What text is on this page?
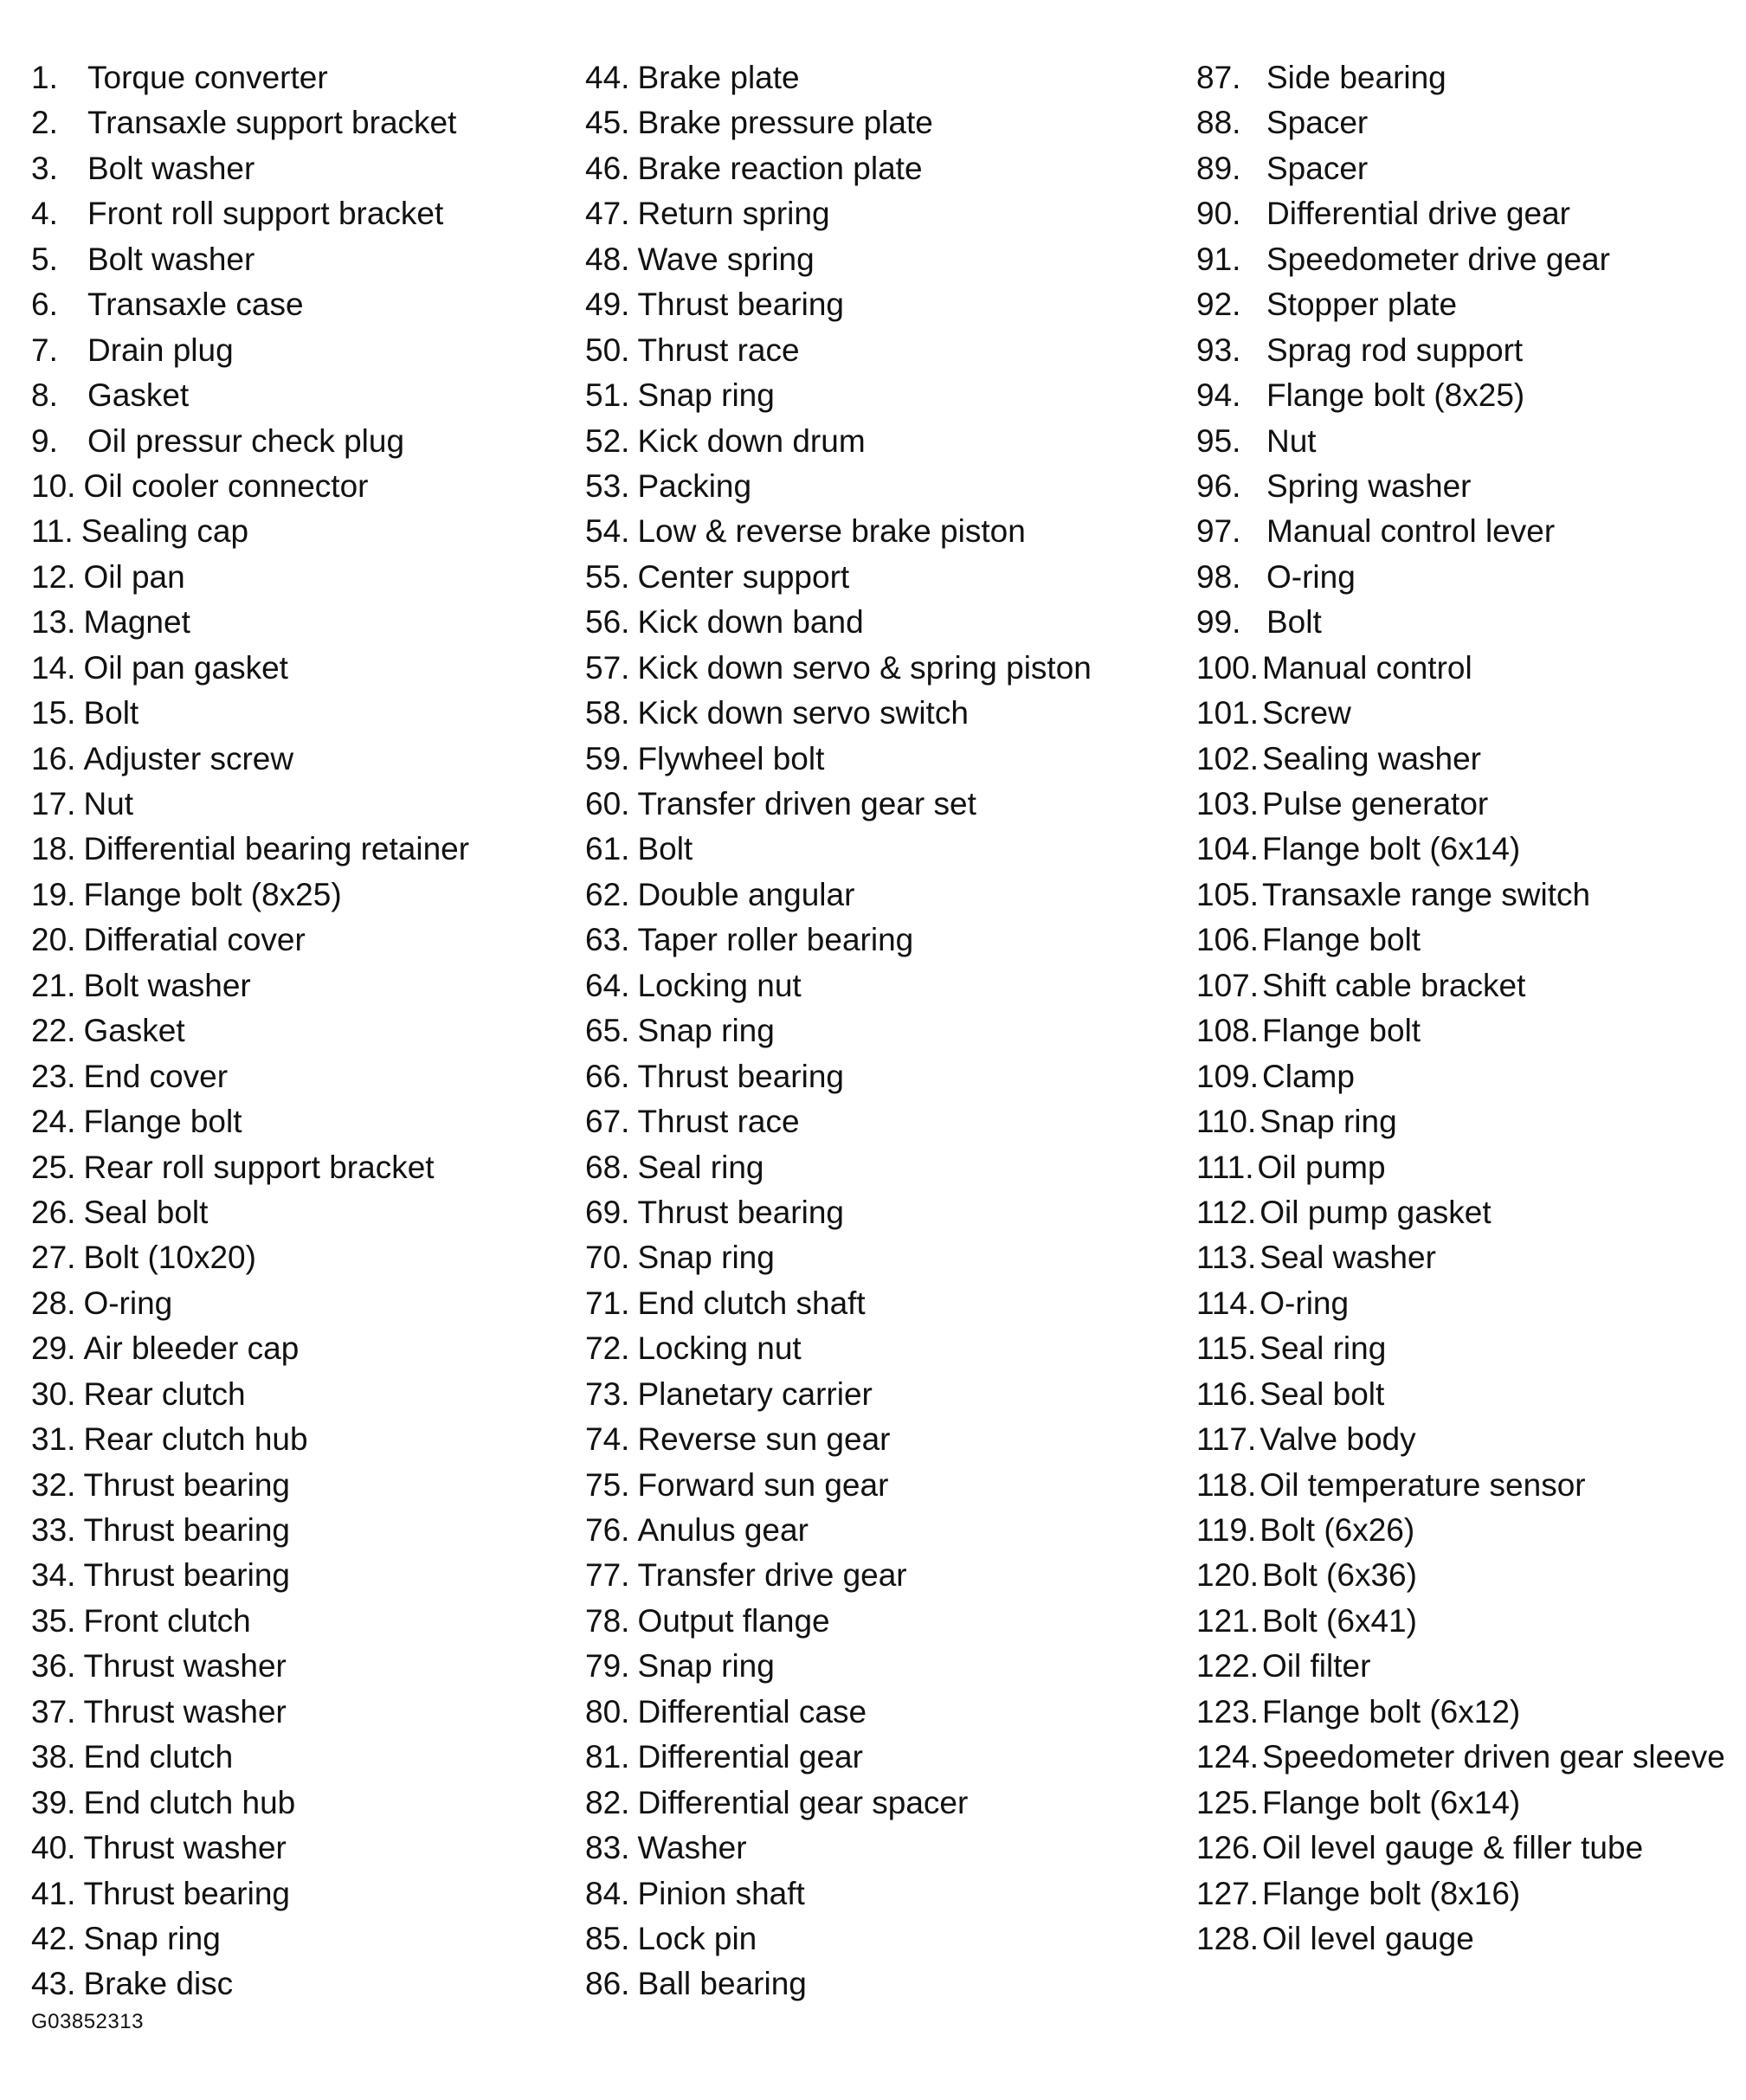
1. Torque converter
2. Transaxle support bracket
3. Bolt washer
4. Front roll support bracket
5. Bolt washer
6. Transaxle case
7. Drain plug
8. Gasket
9. Oil pressur check plug
10. Oil cooler connector
11. Sealing cap
12. Oil pan
13. Magnet
14. Oil pan gasket
15. Bolt
16. Adjuster screw
17. Nut
18. Differential bearing retainer
19. Flange bolt (8x25)
20. Differatial cover
21. Bolt washer
22. Gasket
23. End cover
24. Flange bolt
25. Rear roll support bracket
26. Seal bolt
27. Bolt (10x20)
28. O-ring
29. Air bleeder cap
30. Rear clutch
31. Rear clutch hub
32. Thrust bearing
33. Thrust bearing
34. Thrust bearing
35. Front clutch
36. Thrust washer
37. Thrust washer
38. End clutch
39. End clutch hub
40. Thrust washer
41. Thrust bearing
42. Snap ring
43. Brake disc
44. Brake plate
45. Brake pressure plate
46. Brake reaction plate
47. Return spring
48. Wave spring
49. Thrust bearing
50. Thrust race
51. Snap ring
52. Kick down drum
53. Packing
54. Low & reverse brake piston
55. Center support
56. Kick down band
57. Kick down servo & spring piston
58. Kick down servo switch
59. Flywheel bolt
60. Transfer driven gear set
61. Bolt
62. Double angular
63. Taper roller bearing
64. Locking nut
65. Snap ring
66. Thrust bearing
67. Thrust race
68. Seal ring
69. Thrust bearing
70. Snap ring
71. End clutch shaft
72. Locking nut
73. Planetary carrier
74. Reverse sun gear
75. Forward sun gear
76. Anulus gear
77. Transfer drive gear
78. Output flange
79. Snap ring
80. Differential case
81. Differential gear
82. Differential gear spacer
83. Washer
84. Pinion shaft
85. Lock pin
86. Ball bearing
87. Side bearing
88. Spacer
89. Spacer
90. Differential drive gear
91. Speedometer drive gear
92. Stopper plate
93. Sprag rod support
94. Flange bolt (8x25)
95. Nut
96. Spring washer
97. Manual control lever
98. O-ring
99. Bolt
100. Manual control
101. Screw
102. Sealing washer
103. Pulse generator
104. Flange bolt (6x14)
105. Transaxle range switch
106. Flange bolt
107. Shift cable bracket
108. Flange bolt
109. Clamp
110. Snap ring
111. Oil pump
112. Oil pump gasket
113. Seal washer
114. O-ring
115. Seal ring
116. Seal bolt
117. Valve body
118. Oil temperature sensor
119. Bolt (6x26)
120. Bolt (6x36)
121. Bolt (6x41)
122. Oil filter
123. Flange bolt (6x12)
124. Speedometer driven gear sleeve
125. Flange bolt (6x14)
126. Oil level gauge & filler tube
127. Flange bolt (8x16)
128. Oil level gauge
G03852313
